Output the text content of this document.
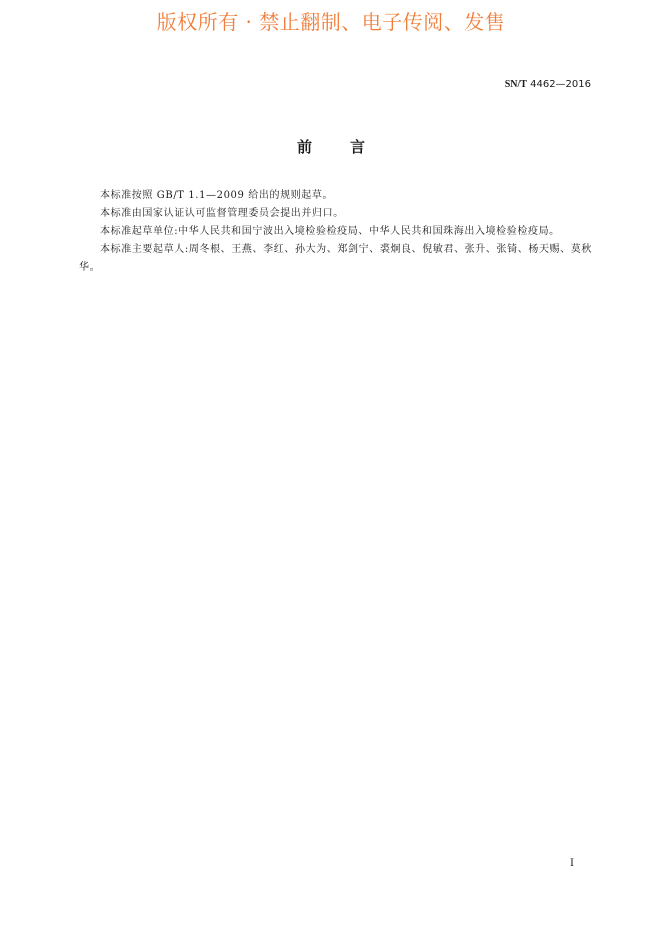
版权所有 · 禁止翻制、电子传阅、发售
SN/T 4462—2016
前言

本标准按照 GB/T 1.1—2009 给出的规则起草。

本标准由国家认证认可监督管理委员会提出并归口。

本标准起草单位:中华人民共和国宁波出入境检验检疫局、中华人民共和国珠海出入境检验检疫局。

本标准主要起草人:周冬根、王燕、李红、孙大为、郑剑宁、裘炯良、倪敏君、张升、张锜、杨天赐、莫秋华。

I
